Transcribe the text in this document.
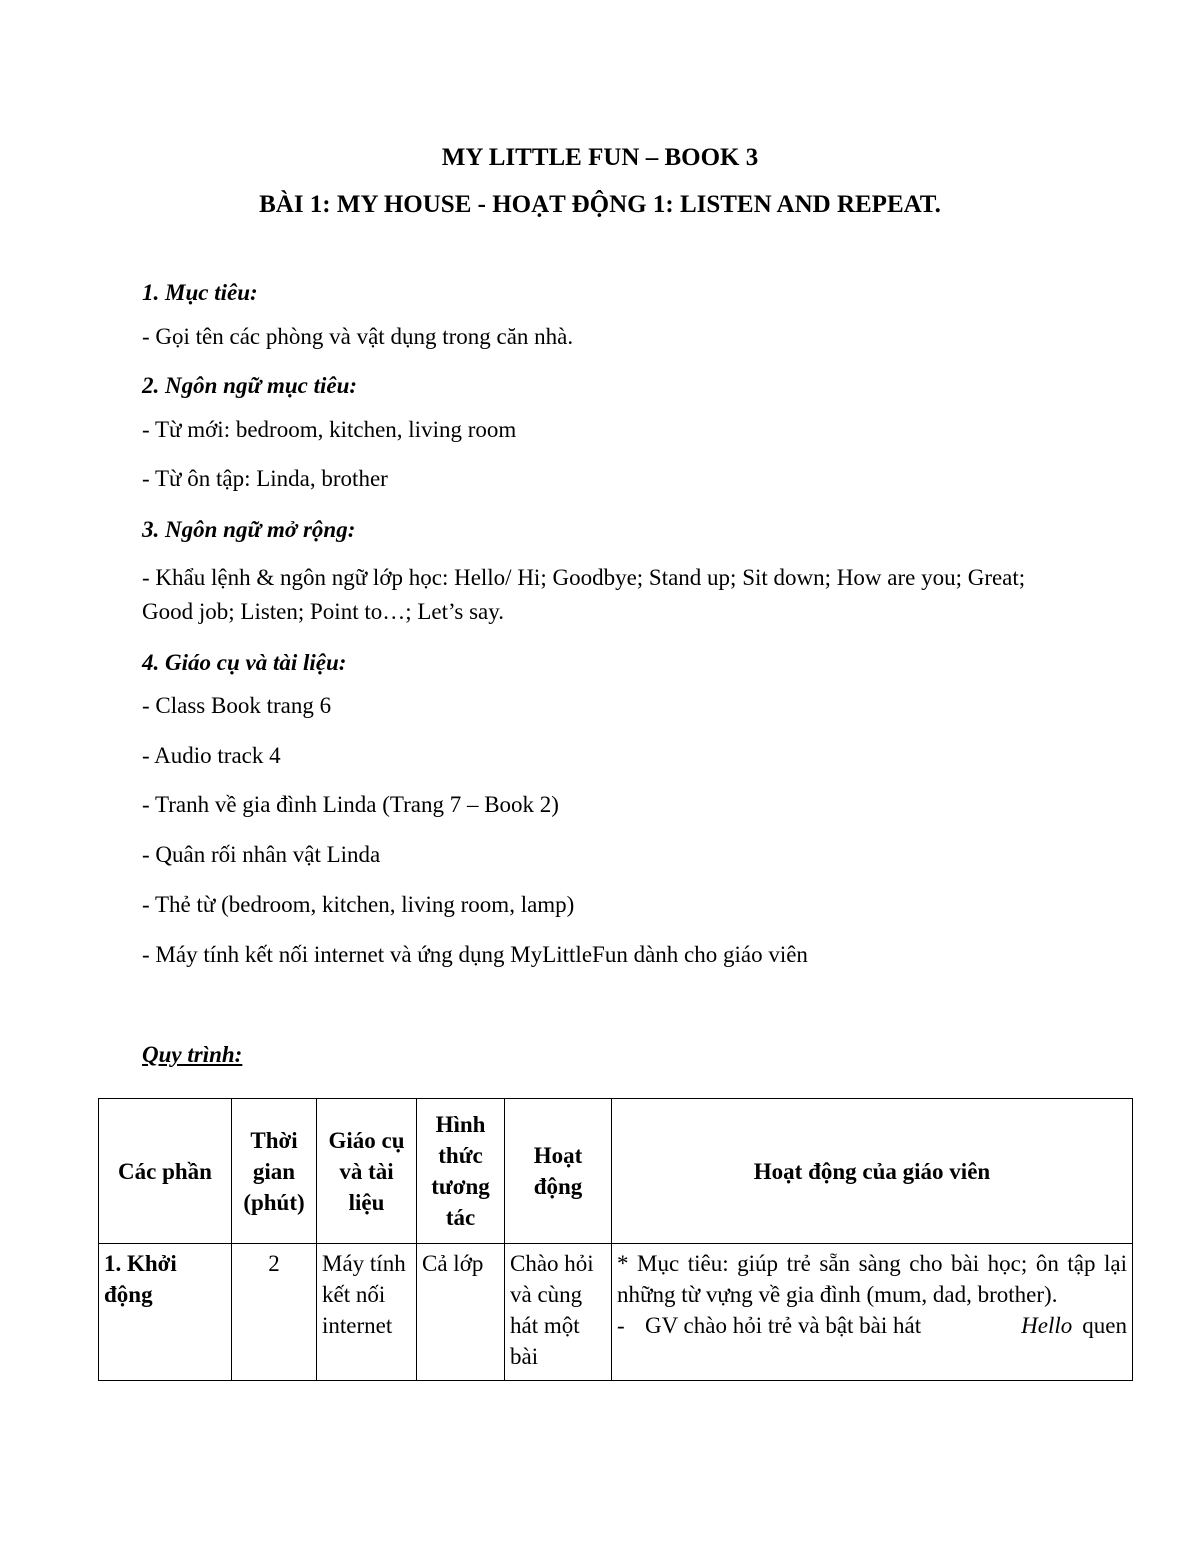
MY LITTLE FUN – BOOK 3
BÀI 1: MY HOUSE - HOẠT ĐỘNG 1: LISTEN AND REPEAT.
1. Mục tiêu:
- Gọi tên các phòng và vật dụng trong căn nhà.
2. Ngôn ngữ mục tiêu:
- Từ mới: bedroom, kitchen, living room
- Từ ôn tập: Linda, brother
3. Ngôn ngữ mở rộng:
- Khẩu lệnh & ngôn ngữ lớp học: Hello/ Hi; Goodbye; Stand up; Sit down; How are you; Great; Good job; Listen; Point to…; Let’s say.
4. Giáo cụ và tài liệu:
- Class Book trang 6
- Audio track 4
- Tranh về gia đình Linda (Trang 7 – Book 2)
- Quân rối nhân vật Linda
- Thẻ từ (bedroom, kitchen, living room, lamp)
- Máy tính kết nối internet và ứng dụng MyLittleFun dành cho giáo viên
Quy trình:
Các phần	Thời gian (phút)	Giáo cụ và tài liệu	Hình thức tương tác	Hoạt động	Hoạt động của giáo viên
1. Khởi động	2	Máy tính kết nối internet	Cả lớp	Chào hỏi và cùng hát một bài	* Mục tiêu: giúp trẻ sẵn sàng cho bài học; ôn tập lại những từ vựng về gia đình (mum, dad, brother).
- GV chào hỏi trẻ và bật bài hát Hello quen
